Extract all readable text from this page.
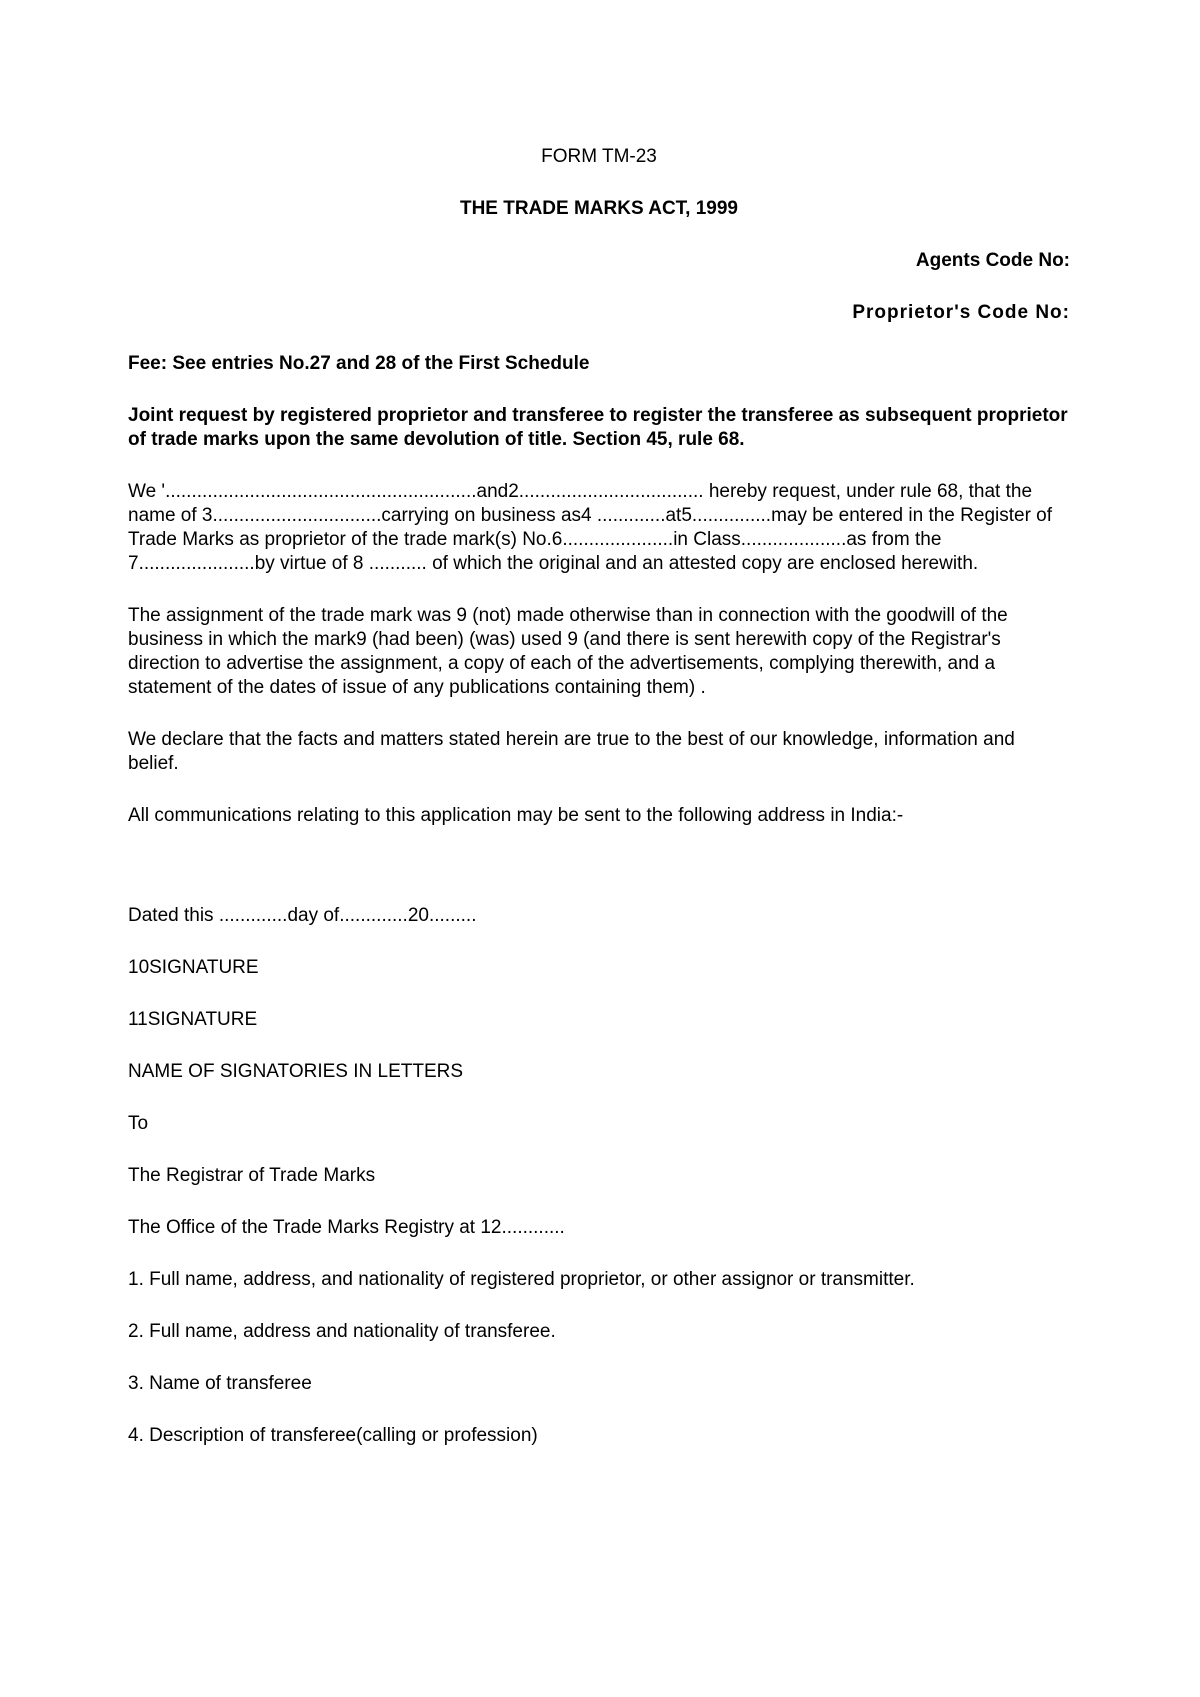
FORM TM-23
THE TRADE MARKS ACT, 1999
Agents Code No:
Proprietor's Code No:
Fee: See entries No.27 and 28 of the First Schedule
Joint request by registered proprietor and transferee to register the transferee as subsequent proprietor of trade marks upon the same devolution of title. Section 45, rule 68.
We '...........................................................and2................................... hereby request, under rule 68, that the name of 3................................carrying on business as4 .............at5...............may be entered in the Register of Trade Marks as proprietor of the trade mark(s) No.6.....................in Class....................as from the 7......................by virtue of 8 ........... of which the original and an attested copy are enclosed herewith.
The assignment of the trade mark was 9 (not) made otherwise than in connection with the goodwill of the business in which the mark9 (had been) (was) used 9 (and there is sent herewith copy of the Registrar's direction to advertise the assignment, a copy of each of the advertisements, complying therewith, and a statement of the dates of issue of any publications containing them) .
We declare that the facts and matters stated herein are true to the best of our knowledge, information and belief.
All communications relating to this application may be sent to the following address in India:-
Dated this .............day of.............20.........
10SIGNATURE
11SIGNATURE
NAME OF SIGNATORIES IN LETTERS
To
The Registrar of Trade Marks
The Office of the Trade Marks Registry at 12............
1. Full name, address, and nationality of registered proprietor, or other assignor or transmitter.
2. Full name, address and nationality of transferee.
3. Name of transferee
4. Description of transferee(calling or profession)
